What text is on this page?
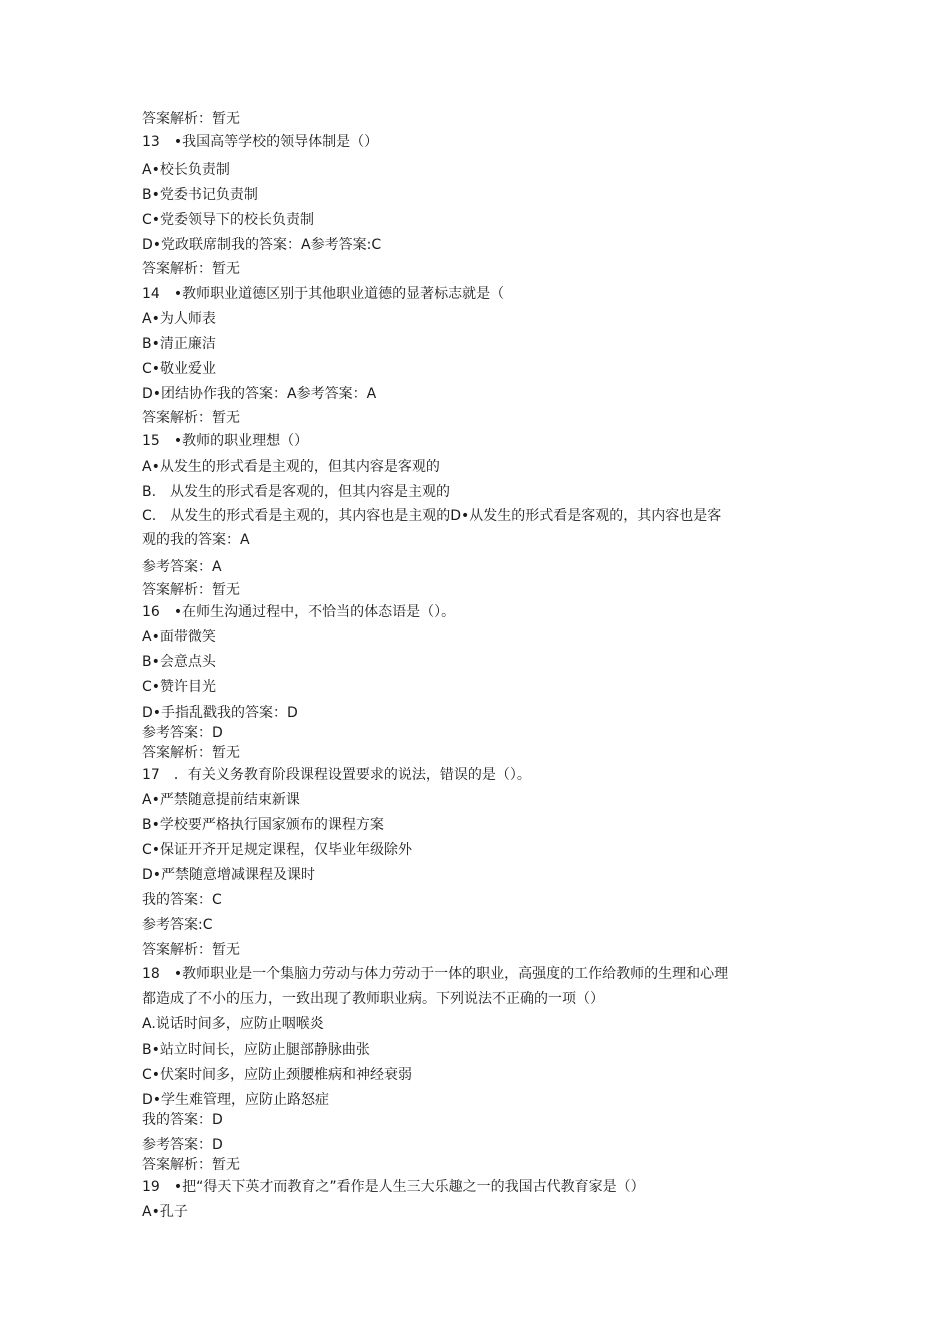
答案解析：暂无
13　•我国高等学校的领导体制是（）
A•校长负责制
B•党委书记负责制
C•党委领导下的校长负责制
D•党政联席制我的答案：A参考答案:C
答案解析：暂无
14　•教师职业道德区别于其他职业道德的显著标志就是（
A•为人师表
B•清正廉洁
C•敬业爱业
D•团结协作我的答案：A参考答案：A
答案解析：暂无
15　•教师的职业理想（）
A•从发生的形式看是主观的，但其内容是客观的
B.　从发生的形式看是客观的，但其内容是主观的
C.　从发生的形式看是主观的，其内容也是主观的D•从发生的形式看是客观的，其内容也是客
观的我的答案：A
参考答案：A
答案解析：暂无
16　•在师生沟通过程中，不恰当的体态语是（）。
A•面带微笑
B•会意点头
C•赞许目光
D•手指乱戳我的答案：D
参考答案：D
答案解析：暂无
17　．有关义务教育阶段课程设置要求的说法，错误的是（）。
A•严禁随意提前结束新课
B•学校要严格执行国家颁布的课程方案
C•保证开齐开足规定课程，仅毕业年级除外
D•严禁随意增减课程及课时
我的答案：C
参考答案:C
答案解析：暂无
18　•教师职业是一个集脑力劳动与体力劳动于一体的职业，高强度的工作给教师的生理和心理
都造成了不小的压力，一致出现了教师职业病。下列说法不正确的一项（）
A.说话时间多，应防止咽喉炎
B•站立时间长，应防止腿部静脉曲张
C•伏案时间多，应防止颈腰椎病和神经衰弱
D•学生难管理，应防止路怒症
我的答案：D
参考答案：D
答案解析：暂无
19　•把“得天下英才而教育之”看作是人生三大乐趣之一的我国古代教育家是（）
A•孔子
